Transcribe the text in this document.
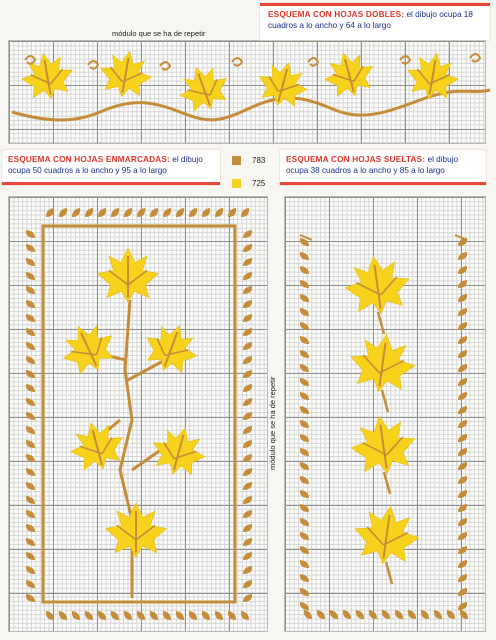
ESQUEMA CON HOJAS DOBLES: el dibujo ocupa 18 cuadros a lo ancho y 64 a lo largo
módulo que se ha de repetir
ESQUEMA CON HOJAS ENMARCADAS: el dibujo ocupa 50 cuadros a lo ancho y 95 a lo largo
783
725
ESQUEMA CON HOJAS SUELTAS: el dibujo ocupa 38 cuadros a lo ancho y 85 a lo largo
módulo que se ha de repetir
